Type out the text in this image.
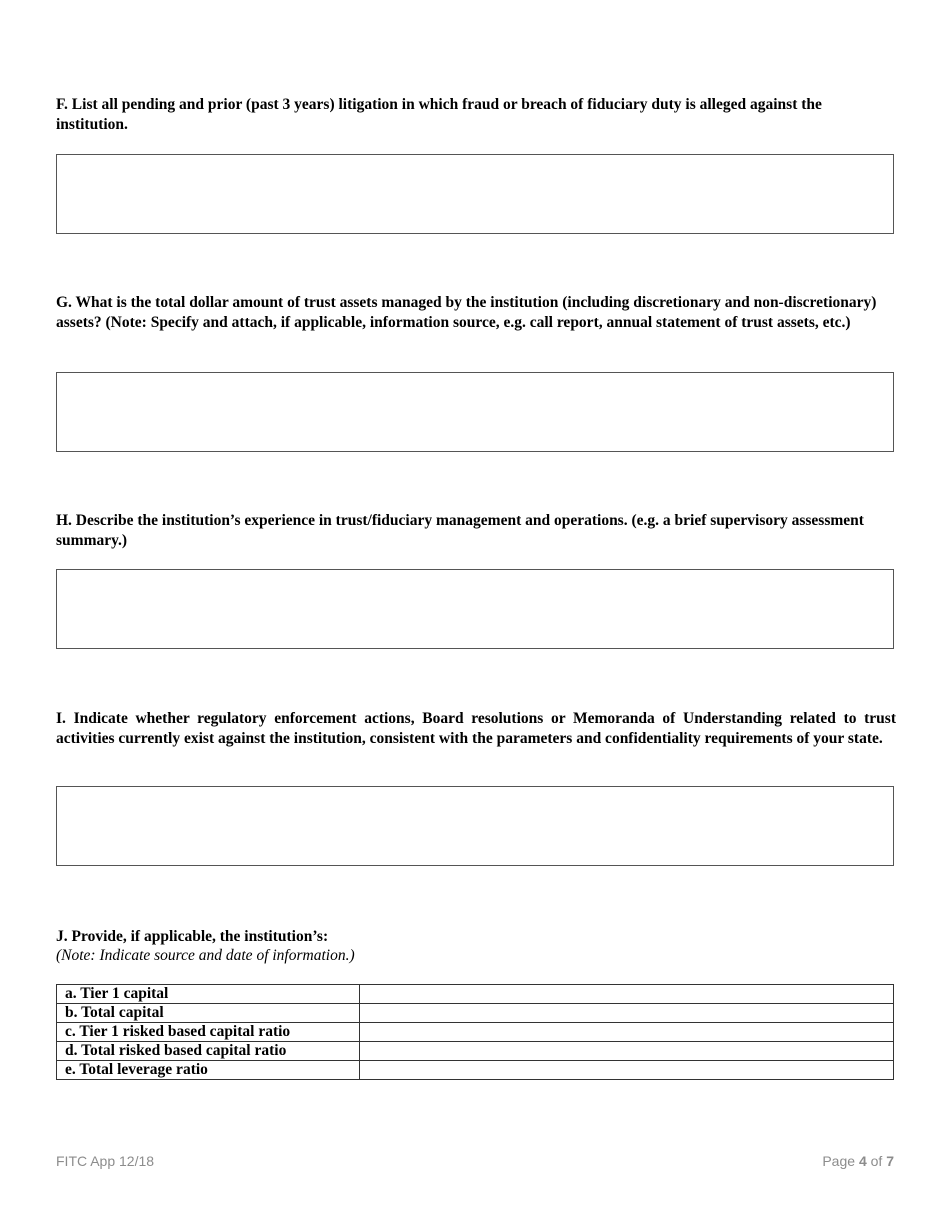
F. List all pending and prior (past 3 years) litigation in which fraud or breach of fiduciary duty is alleged against the institution.
G. What is the total dollar amount of trust assets managed by the institution (including discretionary and non-discretionary) assets? (Note: Specify and attach, if applicable, information source, e.g. call report, annual statement of trust assets, etc.)
H. Describe the institution’s experience in trust/fiduciary management and operations. (e.g. a brief supervisory assessment summary.)
I. Indicate whether regulatory enforcement actions, Board resolutions or Memoranda of Understanding related to trust activities currently exist against the institution, consistent with the parameters and confidentiality requirements of your state.
J. Provide, if applicable, the institution’s:
(Note: Indicate source and date of information.)
a. Tier 1 capital	
b. Total capital	
c. Tier 1 risked based capital ratio	
d. Total risked based capital ratio	
e. Total leverage ratio	
FITC App 12/18	Page 4 of 7
